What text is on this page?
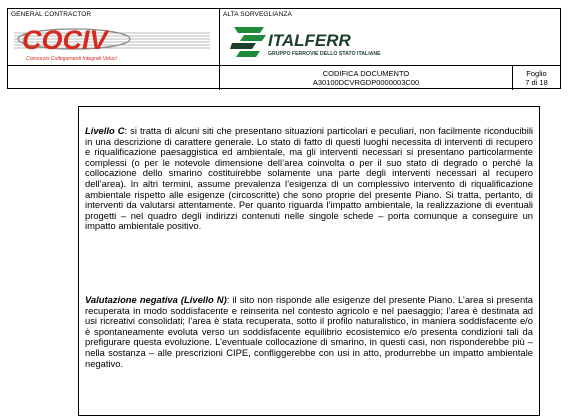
GENERAL CONTRACTOR
COCIV
Consorzio Collegamenti Integrati Veloci
ALTA SORVEGLIANZA
ITALFERR
GRUPPO FERROVIE DELLO STATO ITALIANE
CODIFICA DOCUMENTO
A30100DCVRGDP0000003C00
Foglio
7 di 18
Livello C: si tratta di alcuni siti che presentano situazioni particolari e peculiari, non facilmente riconducibili in una descrizione di carattere generale. Lo stato di fatto di questi luoghi necessita di interventi di recupero e riqualificazione paesaggistica ed ambientale, ma gli interventi necessari si presentano particolarmente complessi (o per le notevole dimensione dell’area coinvolta o per il suo stato di degrado o perché la collocazione dello smarino costituirebbe solamente una parte degli interventi necessari al recupero dell’area). In altri termini, assume prevalenza l’esigenza di un complessivo intervento di riqualificazione ambientale rispetto alle esigenze (circoscritte) che sono proprie del presente Piano. Si tratta, pertanto, di interventi da valutarsi attentamente. Per quanto riguarda l’impatto ambientale, la realizzazione di eventuali progetti – nel quadro degli indirizzi contenuti nelle singole schede – porta comunque a conseguire un impatto ambientale positivo.
Valutazione negativa (Livello N): il sito non risponde alle esigenze del presente Piano. L’area si presenta recuperata in modo soddisfacente e reinserita nel contesto agricolo e nel paesaggio; l’area è destinata ad usi ricreativi consolidati; l’area è stata recuperata, sotto il profilo naturalistico, in maniera soddisfacente e/o è spontaneamente evoluta verso un soddisfacente equilibrio ecosistemico e/o presenta condizioni tali da prefigurare questa evoluzione. L’eventuale collocazione di smarino, in questi casi, non risponderebbe più – nella sostanza – alle prescrizioni CIPE, confliggerebbe con usi in atto, produrrebbe un impatto ambientale negativo.
